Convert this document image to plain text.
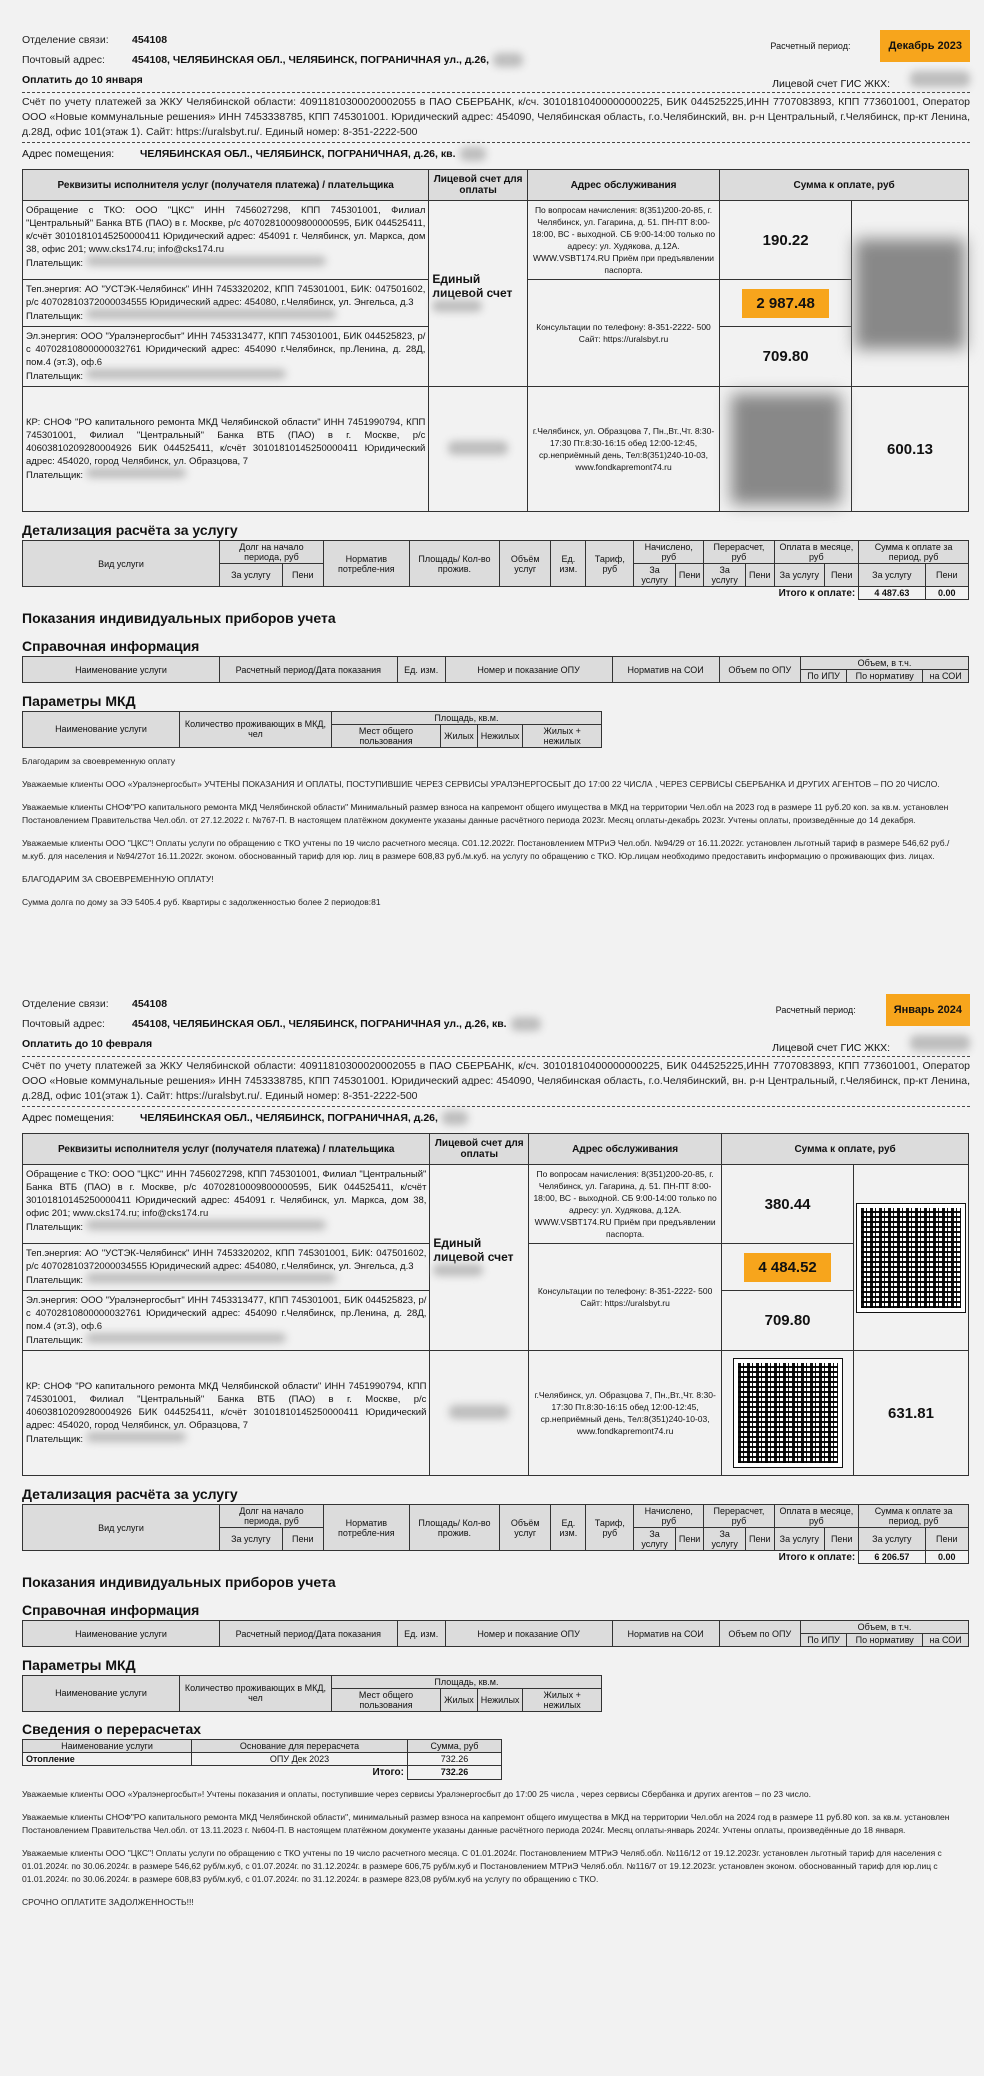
Расчетный период:	Декабрь 2023
Отделение связи:	454108
Почтовый адрес:	454108, ЧЕЛЯБИНСКАЯ ОБЛ., ЧЕЛЯБИНСК, ПОГРАНИЧНАЯ ул., д.26,
Оплатить до 10 января	Лицевой счет ГИС ЖКХ:
Счёт по учету платежей за ЖКУ Челябинской области: 40911810300020002055 в ПАО СБЕРБАНК, к/сч. 30101810400000000225, БИК 044525225,ИНН 7707083893, КПП 773601001, Оператор ООО «Новые коммунальные решения» ИНН 7453338785, КПП 745301001. Юридический адрес: 454090, Челябинская область, г.о.Челябинский, вн. р-н Центральный, г.Челябинск, пр-кт Ленина, д.28Д, офис 101(этаж 1). Сайт: https://uralsbyt.ru/. Единый номер: 8-351-2222-500
Адрес помещения:	ЧЕЛЯБИНСКАЯ ОБЛ., ЧЕЛЯБИНСК, ПОГРАНИЧНАЯ, д.26, кв.
Реквизиты исполнителя услуг (получателя платежа) / плательщика	Лицевой счет для оплаты	Адрес обслуживания	Сумма к оплате, руб	
Обращение с ТКО: ООО "ЦКС" ИНН 7456027298, КПП 745301001, Филиал "Центральный" Банка ВТБ (ПАО) в г. Москве, р/с 40702810009800000595, БИК 044525411, к/счёт 30101810145250000411 Юридический адрес: 454091 г. Челябинск, ул. Маркса, дом 38, офис 201; www.cks174.ru; info@cks174.ru
Плательщик:	Единый лицевой счет	По вопросам начисления: 8(351)200-20-85, г. Челябинск, ул. Гагарина, д. 51. ПН-ПТ 8:00-18:00, ВС - выходной. СБ 9:00-14:00 только по адресу: ул. Худякова, д.12А. WWW.VSBT174.RU Приём при предъявлении паспорта.	190.22	

Теп.энергия: АО "УСТЭК-Челябинск" ИНН 7453320202, КПП 745301001, БИК: 047501602, р/с 40702810372000034555 Юридический адрес: 454080, г.Челябинск, ул. Энгельса, д.3
Плательщик:		Консультации по телефону: 8-351-2222- 500 Сайт: https://uralsbyt.ru	2 987.48	
Эл.энергия: ООО "Уралэнергосбыт" ИНН 7453313477, КПП 745301001, БИК 044525823, р/с 40702810800000032761 Юридический адрес: 454090 г.Челябинск, пр.Ленина, д. 28Д, пом.4 (эт.3), оф.6
Плательщик:			709.80	
КР: СНОФ "РО капитального ремонта МКД Челябинской области" ИНН 7451990794, КПП 745301001, Филиал "Центральный" Банка ВТБ (ПАО) в г. Москве, р/с 40603810209280004926 БИК 044525411, к/счёт 30101810145250000411 Юридический адрес: 454020, город Челябинск, ул. Образцова, 7
Плательщик:		г.Челябинск, ул. Образцова 7, Пн.,Вт.,Чт. 8:30-17:30 Пт.8:30-16:15 обед 12:00-12:45, ср.неприёмный день, Тел:8(351)240-10-03, www.fondkapremont74.ru		600.13
Детализация расчёта за услугу
Вид услуги	Долг на начало периода, руб		Норматив потребле-ния	Площадь/ Кол-во прожив.	Объём услуг	Ед. изм.	Тариф, руб	Начислено, руб		Перерасчет, руб		Оплата в месяце, руб		Сумма к оплате за период, руб	
	За услугу	Пени						За услугу	Пени	За услугу	Пени	За услугу	Пени	За услугу	Пени

Итого к оплате:														4 487.63	0.00
Показания индивидуальных приборов учета

Справочная информация
Наименование услуги	Расчетный период/Дата показания	Ед. изм.	Номер и показание ОПУ	Норматив на СОИ	Объем по ОПУ	Объем, в т.ч.		
						По ИПУ	По нормативу	на СОИ

Параметры МКД
Наименование услуги	Количество проживающих в МКД, чел	Площадь, кв.м.			
		Мест общего пользования	Жилых	Нежилых	Жилых + нежилых

Благодарим за своевременную оплату

Уважаемые клиенты ООО «Уралэнергосбыт» УЧТЕНЫ ПОКАЗАНИЯ И ОПЛАТЫ, ПОСТУПИВШИЕ ЧЕРЕЗ СЕРВИСЫ УРАЛЭНЕРГОСБЫТ ДО 17:00 22 ЧИСЛА , ЧЕРЕЗ СЕРВИСЫ СБЕРБАНКА И ДРУГИХ АГЕНТОВ – ПО 20 ЧИСЛО.

Уважаемые клиенты СНОФ"РО капитального ремонта МКД Челябинской области" Минимальный размер взноса на капремонт общего имущества в МКД на территории Чел.обл на 2023 год в размере 11 руб.20 коп. за кв.м. установлен Постановлением Правительства Чел.обл. от 27.12.2022 г. №767-П. В настоящем платёжном документе указаны данные расчётного периода 2023г. Месяц оплаты-декабрь 2023г. Учтены оплаты, произведённые до 14 декабря.

Уважаемые клиенты ООО "ЦКС"! Оплаты услуги по обращению с ТКО учтены по 19 число расчетного месяца. С01.12.2022г. Постановлением МТРиЭ Чел.обл. №94/29 от 16.11.2022г. установлен льготный тариф в размере 546,62 руб./м.куб. для населения и №94/27от 16.11.2022г. эконом. обоснованный тариф для юр. лиц в размере 608,83 руб./м.куб. на услугу по обращению с ТКО. Юр.лицам необходимо предоставить информацию о проживающих физ. лицах.

БЛАГОДАРИМ ЗА СВОЕВРЕМЕННУЮ ОПЛАТУ!

Сумма долга по дому за ЭЭ 5405.4 руб. Квартиры с задолженностью более 2 периодов:81

Расчетный период:	Январь 2024
Отделение связи:	454108
Почтовый адрес:	454108, ЧЕЛЯБИНСКАЯ ОБЛ., ЧЕЛЯБИНСК, ПОГРАНИЧНАЯ ул., д.26, кв.
Оплатить до 10 февраля	Лицевой счет ГИС ЖКХ:
Счёт по учету платежей за ЖКУ Челябинской области: 40911810300020002055 в ПАО СБЕРБАНК, к/сч. 30101810400000000225, БИК 044525225,ИНН 7707083893, КПП 773601001, Оператор ООО «Новые коммунальные решения» ИНН 7453338785, КПП 745301001. Юридический адрес: 454090, Челябинская область, г.о.Челябинский, вн. р-н Центральный, г.Челябинск, пр-кт Ленина, д.28Д, офис 101(этаж 1). Сайт: https://uralsbyt.ru/. Единый номер: 8-351-2222-500
Адрес помещения:	ЧЕЛЯБИНСКАЯ ОБЛ., ЧЕЛЯБИНСК, ПОГРАНИЧНАЯ, д.26,
Реквизиты исполнителя услуг (получателя платежа) / плательщика	Лицевой счет для оплаты	Адрес обслуживания	Сумма к оплате, руб	
Обращение с ТКО: ООО "ЦКС" ИНН 7456027298, КПП 745301001, Филиал "Центральный" Банка ВТБ (ПАО) в г. Москве, р/с 40702810009800000595, БИК 044525411, к/счёт 30101810145250000411 Юридический адрес: 454091 г. Челябинск, ул. Маркса, дом 38, офис 201; www.cks174.ru; info@cks174.ru
Плательщик:	Единый лицевой счет	По вопросам начисления: 8(351)200-20-85, г. Челябинск, ул. Гагарина, д. 51. ПН-ПТ 8:00-18:00, ВС - выходной. СБ 9:00-14:00 только по адресу: ул. Худякова, д.12А. WWW.VSBT174.RU Приём при предъявлении паспорта.	380.44	

Теп.энергия: АО "УСТЭК-Челябинск" ИНН 7453320202, КПП 745301001, БИК: 047501602, р/с 40702810372000034555 Юридический адрес: 454080, г.Челябинск, ул. Энгельса, д.3
Плательщик:		Консультации по телефону: 8-351-2222- 500 Сайт: https://uralsbyt.ru	4 484.52	
Эл.энергия: ООО "Уралэнергосбыт" ИНН 7453313477, КПП 745301001, БИК 044525823, р/с 40702810800000032761 Юридический адрес: 454090 г.Челябинск, пр.Ленина, д. 28Д, пом.4 (эт.3), оф.6
Плательщик:			709.80	
КР: СНОФ "РО капитального ремонта МКД Челябинской области" ИНН 7451990794, КПП 745301001, Филиал "Центральный" Банка ВТБ (ПАО) в г. Москве, р/с 40603810209280004926 БИК 044525411, к/счёт 30101810145250000411 Юридический адрес: 454020, город Челябинск, ул. Образцова, 7
Плательщик:		г.Челябинск, ул. Образцова 7, Пн.,Вт.,Чт. 8:30-17:30 Пт.8:30-16:15 обед 12:00-12:45, ср.неприёмный день, Тел:8(351)240-10-03, www.fondkapremont74.ru		631.81
Детализация расчёта за услугу
Вид услуги	Долг на начало периода, руб		Норматив потребле-ния	Площадь/ Кол-во прожив.	Объём услуг	Ед. изм.	Тариф, руб	Начислено, руб		Перерасчет, руб		Оплата в месяце, руб		Сумма к оплате за период, руб	
	За услугу	Пени						За услугу	Пени	За услугу	Пени	За услугу	Пени	За услугу	Пени

Итого к оплате:														6 206.57	0.00
Показания индивидуальных приборов учета

Справочная информация
Наименование услуги	Расчетный период/Дата показания	Ед. изм.	Номер и показание ОПУ	Норматив на СОИ	Объем по ОПУ	Объем, в т.ч.		
						По ИПУ	По нормативу	на СОИ

Параметры МКД
Наименование услуги	Количество проживающих в МКД, чел	Площадь, кв.м.			
		Мест общего пользования	Жилых	Нежилых	Жилых + нежилых

Сведения о перерасчетах
Наименование услуги	Основание для перерасчета	Сумма, руб
Отопление	ОПУ Дек 2023	732.26
Итого:		732.26

Уважаемые клиенты ООО «Уралэнергосбыт»! Учтены показания и оплаты, поступившие через сервисы Уралэнергосбыт до 17:00 25 числа , через сервисы Сбербанка и других агентов – по 23 число.

Уважаемые клиенты СНОФ"РО капитального ремонта МКД Челябинской области", минимальный размер взноса на капремонт общего имущества в МКД на территории Чел.обл на 2024 год в размере 11 руб.80 коп. за кв.м. установлен Постановлением Правительства Чел.обл. от 13.11.2023 г. №604-П. В настоящем платёжном документе указаны данные расчётного периода 2024г. Месяц оплаты-январь 2024г. Учтены оплаты, произведённые до 18 января.

Уважаемые клиенты ООО "ЦКС"! Оплаты услуги по обращению с ТКО учтены по 19 число расчетного месяца. С 01.01.2024г. Постановлением МТРиЭ Челяб.обл. №116/12 от 19.12.2023г. установлен льготный тариф для населения с 01.01.2024г. по 30.06.2024г. в размере 546,62 руб/м.куб, с 01.07.2024г. по 31.12.2024г. в размере 606,75 руб/м.куб и Постановлением МТРиЭ Челяб.обл. №116/7 от 19.12.2023г. установлен эконом. обоснованный тариф для юр.лиц с 01.01.2024г. по 30.06.2024г. в размере 608,83 руб/м.куб, с 01.07.2024г. по 31.12.2024г. в размере 823,08 руб/м.куб на услугу по обращению с ТКО.

СРОЧНО ОПЛАТИТЕ ЗАДОЛЖЕННОСТЬ!!!
